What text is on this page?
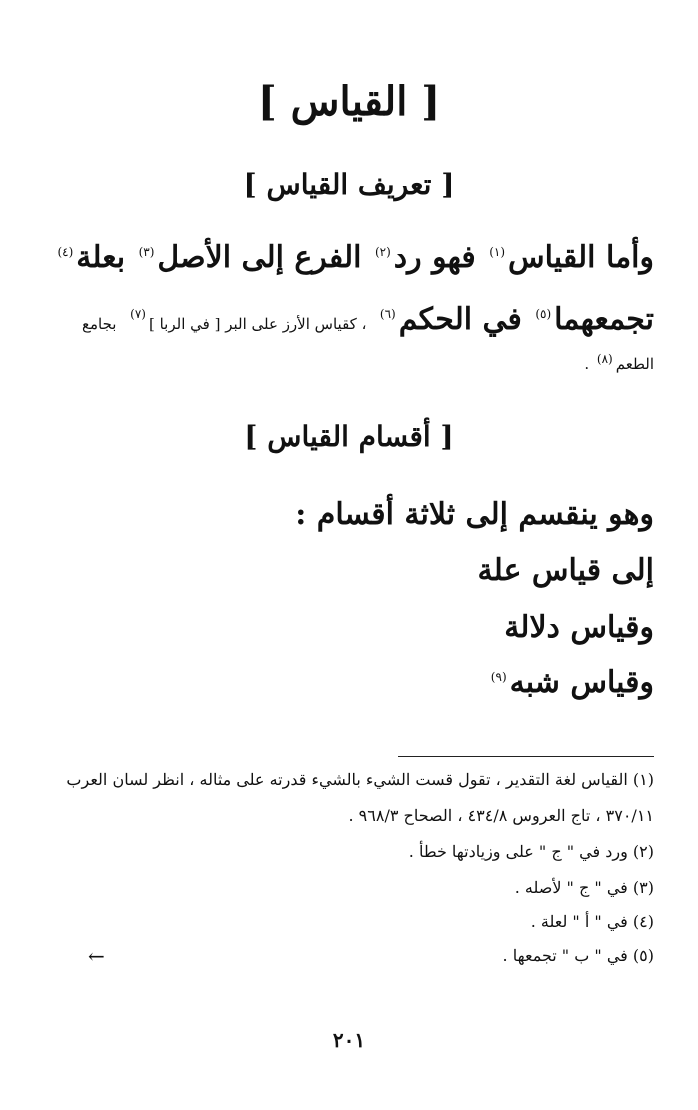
[ القياس ]
[ تعريف القياس ]
وأما القياس$^{(١)}$ فهو رد$^{(٢)}$ الفرع إلى الأصل$^{(٣)}$ بعلة$^{(٤)}$
تجمعهما$^{(٥)}$ في الحكم$^{(٦)}$ ، كقياس الأرز على البر [ في الربا ]$^{(٧)}$
بجامع
الطعم$^{(٨)}$ .
[ أقسام القياس ]
وهو ينقسم إلى ثلاثة أقسام :
إلى قياس علة
وقياس دلالة
وقياس شبه$^{(٩)}$
(١) القياس لغة التقدير ، تقول قست الشيء بالشيء قدرته على مثاله ، انظر لسان العرب
٣٧٠/١١ ، تاج العروس ٤٣٤/٨ ، الصحاح ٩٦٨/٣ .
(٢) ورد في " ج " على وزيادتها خطأ .
(٣) في " ج " لأصله .
(٤) في " أ " لعلة .
(٥) في " ب " تجمعها .
←
٢٠١
